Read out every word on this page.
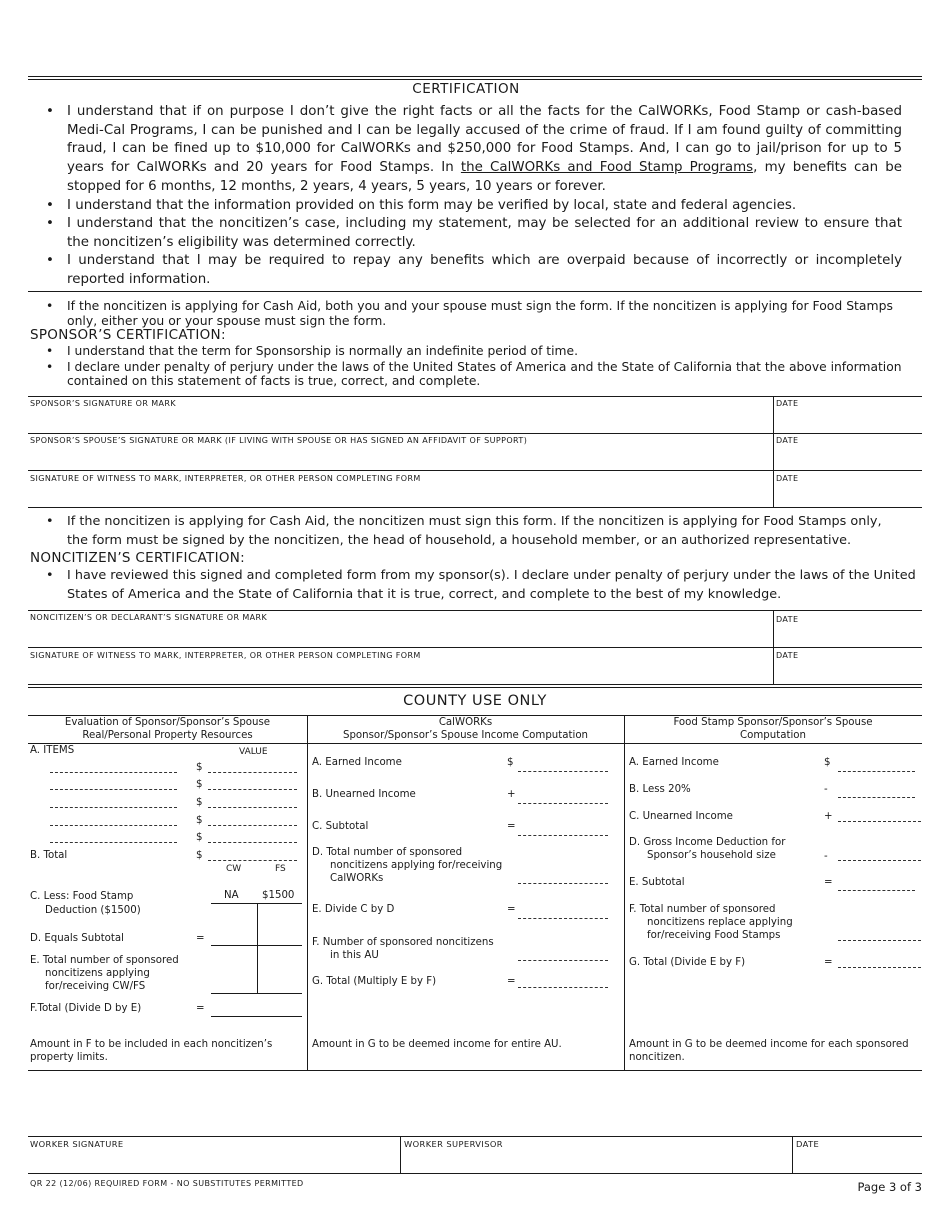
CERTIFICATION
• I understand that if on purpose I don’t give the right facts or all the facts for the CalWORKs, Food Stamp or cash-based Medi-Cal Programs, I can be punished and I can be legally accused of the crime of fraud. If I am found guilty of committing fraud, I can be fined up to $10,000 for CalWORKs and $250,000 for Food Stamps. And, I can go to jail/prison for up to 5 years for CalWORKs and 20 years for Food Stamps. In the CalWORKs and Food Stamp Programs, my benefits can be stopped for 6 months, 12 months, 2 years, 4 years, 5 years, 10 years or forever.
• I understand that the information provided on this form may be verified by local, state and federal agencies.
• I understand that the noncitizen’s case, including my statement, may be selected for an additional review to ensure that the noncitizen’s eligibility was determined correctly.
• I understand that I may be required to repay any benefits which are overpaid because of incorrectly or incompletely reported information.
• If the noncitizen is applying for Cash Aid, both you and your spouse must sign the form. If the noncitizen is applying for Food Stamps only, either you or your spouse must sign the form.
SPONSOR’S CERTIFICATION:
• I understand that the term for Sponsorship is normally an indefinite period of time.
• I declare under penalty of perjury under the laws of the United States of America and the State of California that the above information contained on this statement of facts is true, correct, and complete.
SPONSOR’S SIGNATURE OR MARK	DATE
SPONSOR’S SPOUSE’S SIGNATURE OR MARK (IF LIVING WITH SPOUSE OR HAS SIGNED AN AFFIDAVIT OF SUPPORT)	DATE
SIGNATURE OF WITNESS TO MARK, INTERPRETER, OR OTHER PERSON COMPLETING FORM	DATE
• If the noncitizen is applying for Cash Aid, the noncitizen must sign this form. If the noncitizen is applying for Food Stamps only, the form must be signed by the noncitizen, the head of household, a household member, or an authorized representative.
NONCITIZEN’S CERTIFICATION:
• I have reviewed this signed and completed form from my sponsor(s). I declare under penalty of perjury under the laws of the United States of America and the State of California that it is true, correct, and complete to the best of my knowledge.
NONCITIZEN’S OR DECLARANT’S SIGNATURE OR MARK	DATE
SIGNATURE OF WITNESS TO MARK, INTERPRETER, OR OTHER PERSON COMPLETING FORM	DATE
COUNTY USE ONLY
Evaluation of Sponsor/Sponsor’s Spouse
Real/Personal Property Resources
CalWORKs
Sponsor/Sponsor’s Spouse Income Computation
Food Stamp Sponsor/Sponsor’s Spouse
Computation
A. ITEMS	VALUE
$
$
$
$
$
B. Total	$
CW	FS
C. Less: Food Stamp
Deduction ($1500)
NA $1500
D. Equals Subtotal	=
E. Total number of sponsored
noncitizens applying
for/receiving CW/FS
F.Total (Divide D by E)	=
Amount in F to be included in each noncitizen’s property limits.
A. Earned Income	$
B. Unearned Income	+
C. Subtotal	=
D. Total number of sponsored
noncitizens applying for/receiving
CalWORKs
E. Divide C by D	=
F. Number of sponsored noncitizens
in this AU
G. Total (Multiply E by F)	=
Amount in G to be deemed income for entire AU.
A. Earned Income	$
B. Less 20%	-
C. Unearned Income	+
D. Gross Income Deduction for
Sponsor’s household size	-
E. Subtotal	=
F. Total number of sponsored
noncitizens replace applying
for/receiving Food Stamps
G. Total (Divide E by F)	=
Amount in G to be deemed income for each sponsored noncitizen.
WORKER SIGNATURE	WORKER SUPERVISOR	DATE
QR 22 (12/06) REQUIRED FORM - NO SUBSTITUTES PERMITTED	Page 3 of 3
